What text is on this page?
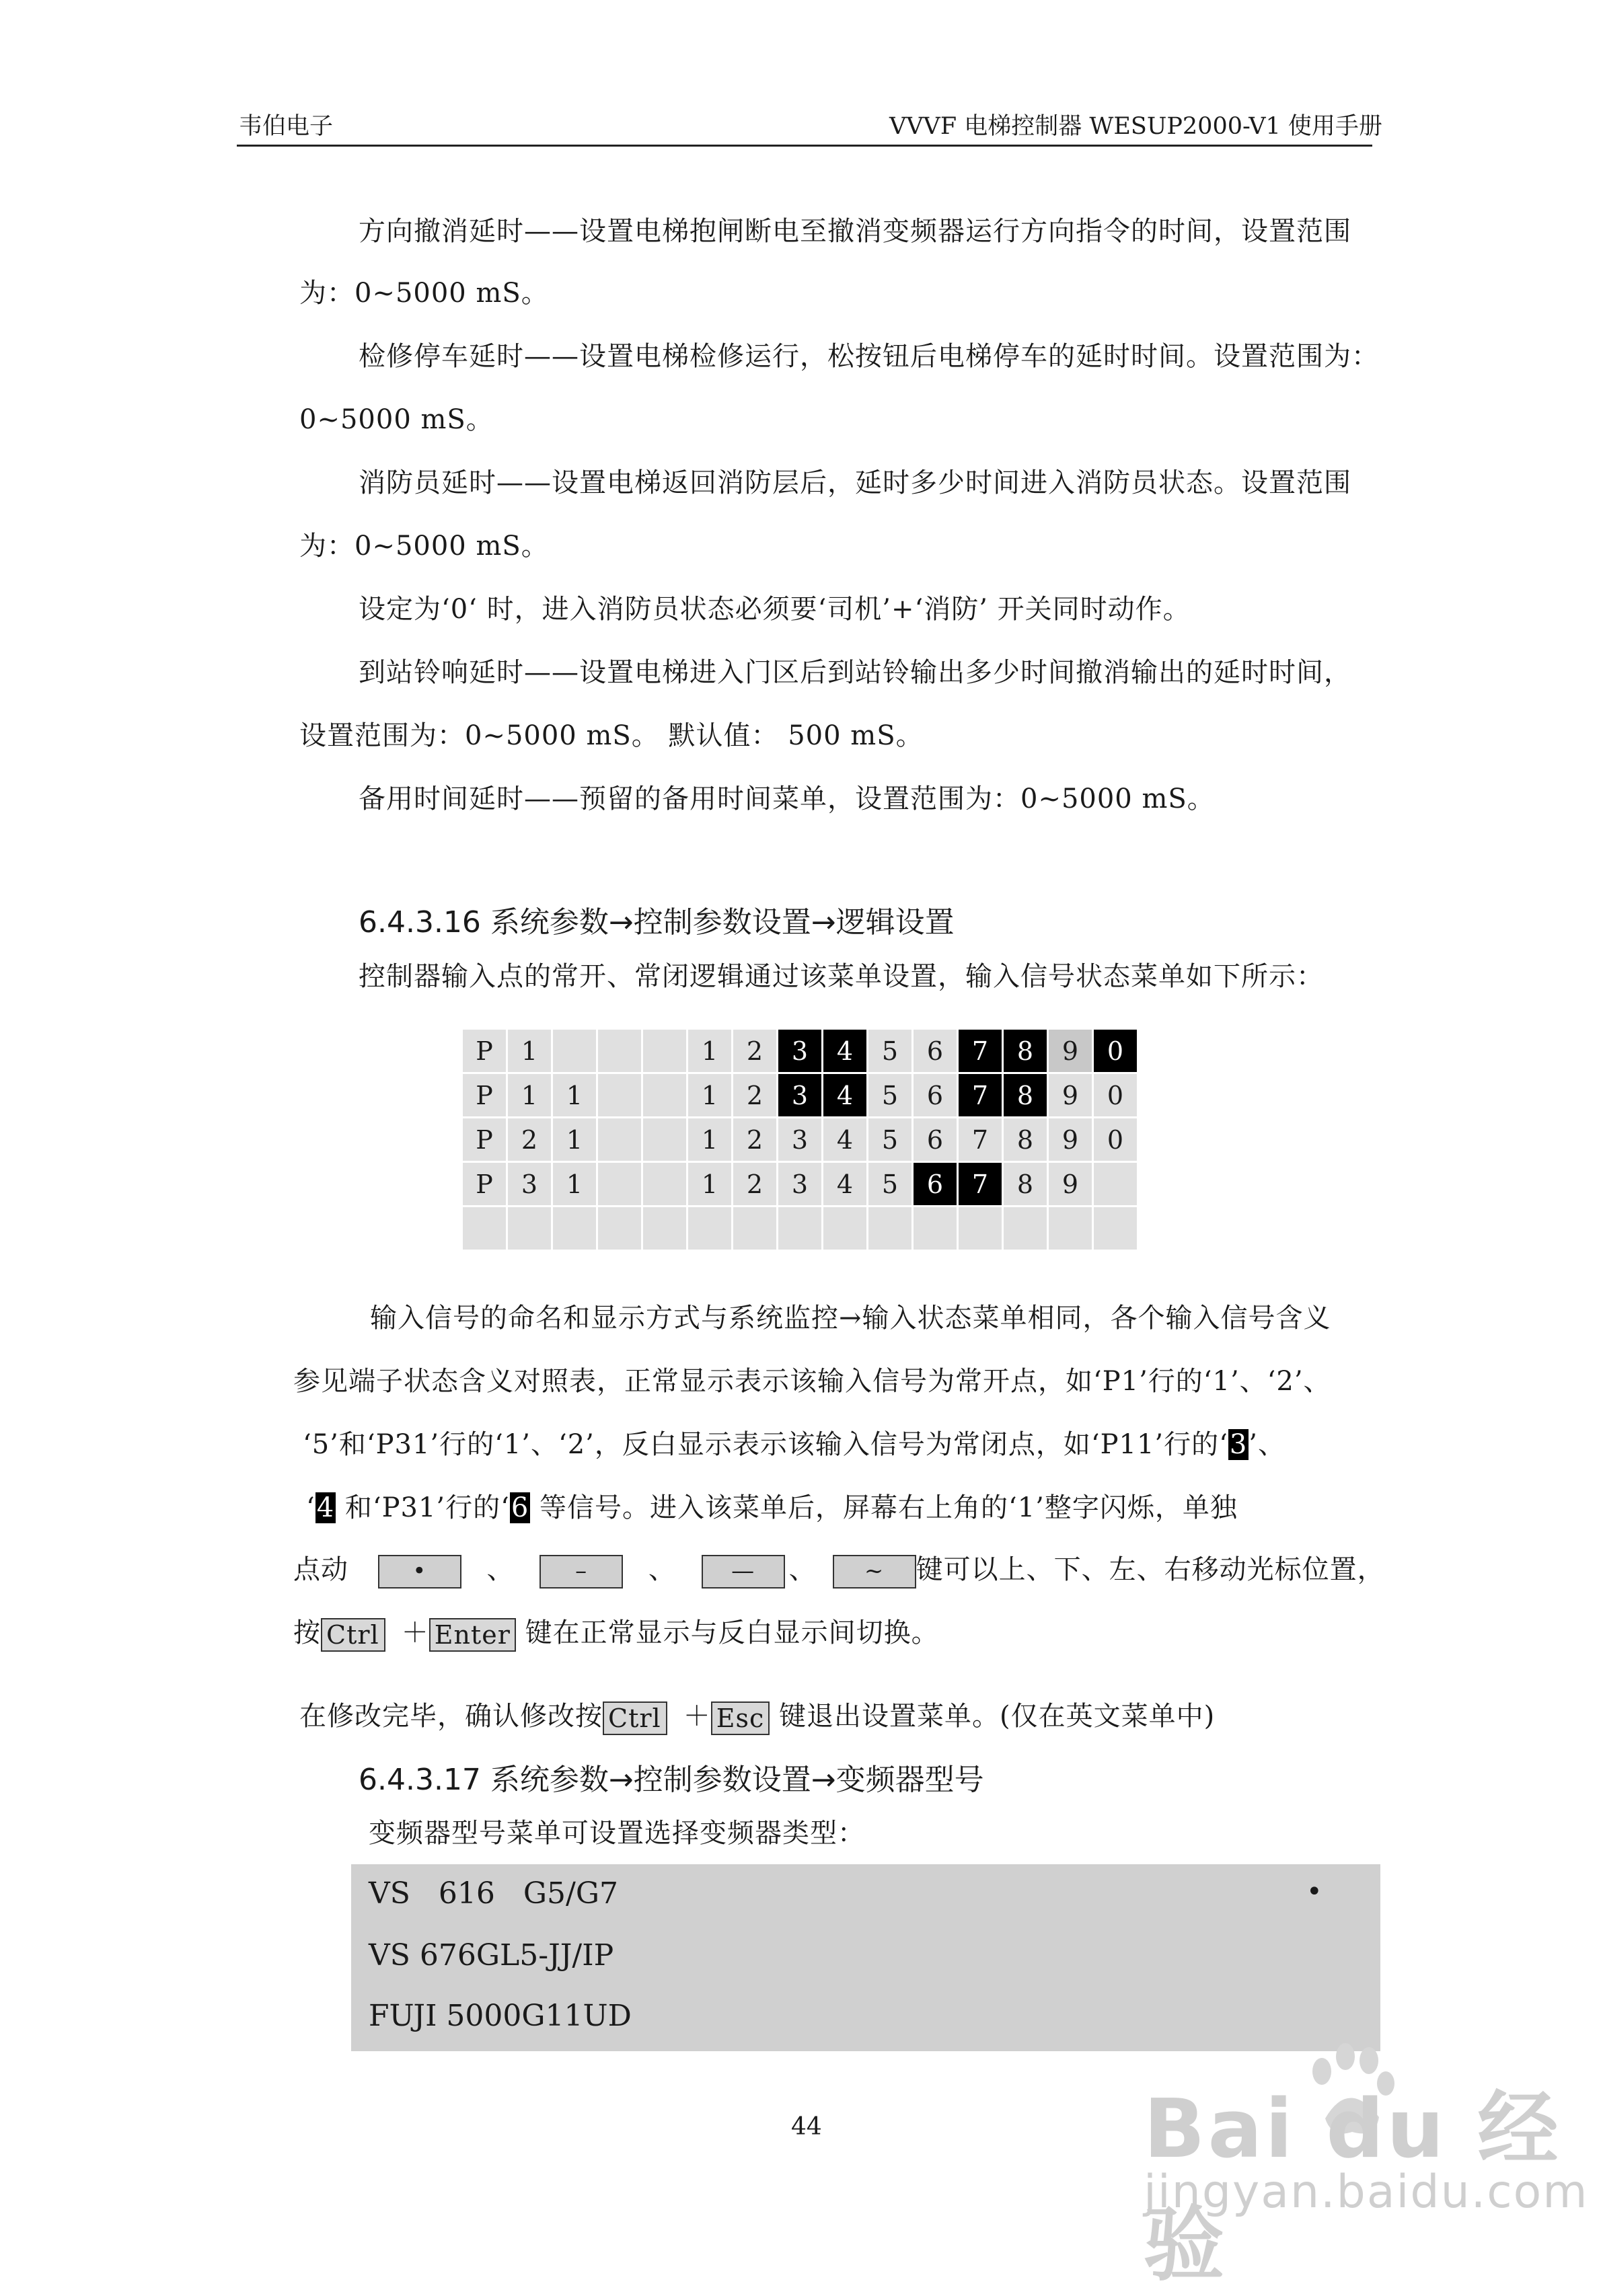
韦伯电子	VVVF 电梯控制器 WESUP2000-V1 使用手册
方向撤消延时——设置电梯抱闸断电至撤消变频器运行方向指令的时间，设置范围
为：0~5000 mS。
检修停车延时——设置电梯检修运行，松按钮后电梯停车的延时时间。设置范围为：
0~5000 mS。
消防员延时——设置电梯返回消防层后，延时多少时间进入消防员状态。设置范围
为：0~5000 mS。
设定为‘0‘ 时，进入消防员状态必须要‘司机’+‘消防’ 开关同时动作。
到站铃响延时——设置电梯进入门区后到站铃输出多少时间撤消输出的延时时间，
设置范围为：0~5000 mS。 默认值： 500 mS。
备用时间延时——预留的备用时间菜单，设置范围为：0~5000 mS。
6.4.3.16 系统参数→控制参数设置→逻辑设置
控制器输入点的常开、常闭逻辑通过该菜单设置，输入信号状态菜单如下所示：
P	1				1	2	3	4	5	6	7	8	9	0
P	1	1			1	2	3	4	5	6	7	8	9	0
P	2	1			1	2	3	4	5	6	7	8	9	0
P	3	1			1	2	3	4	5	6	7	8	9	

输入信号的命名和显示方式与系统监控→输入状态菜单相同，各个输入信号含义
参见端子状态含义对照表，正常显示表示该输入信号为常开点，如‘P1’行的‘1’、‘2’、
‘5’和‘P31’行的‘1’、‘2’，反白显示表示该输入信号为常闭点，如‘P11’行的‘3’、
‘4 和‘P31’行的‘6 等信号。进入该菜单后，屏幕右上角的‘1’整字闪烁，单独
点动	• 、	– 、 — 、 ~ 键可以上、下、左、右移动光标位置，
按 Ctrl ＋ Enter 键在正常显示与反白显示间切换。
在修改完毕，确认修改按 Ctrl ＋ Esc 键退出设置菜单。(仅在英文菜单中)
6.4.3.17 系统参数→控制参数设置→变频器型号
变频器型号菜单可设置选择变频器类型：
VS 616 G5/G7
VS 676GL5-JJ/IP
FUJI 5000G11UD
•
44	Bai du 经验
jingyan.baidu.com
